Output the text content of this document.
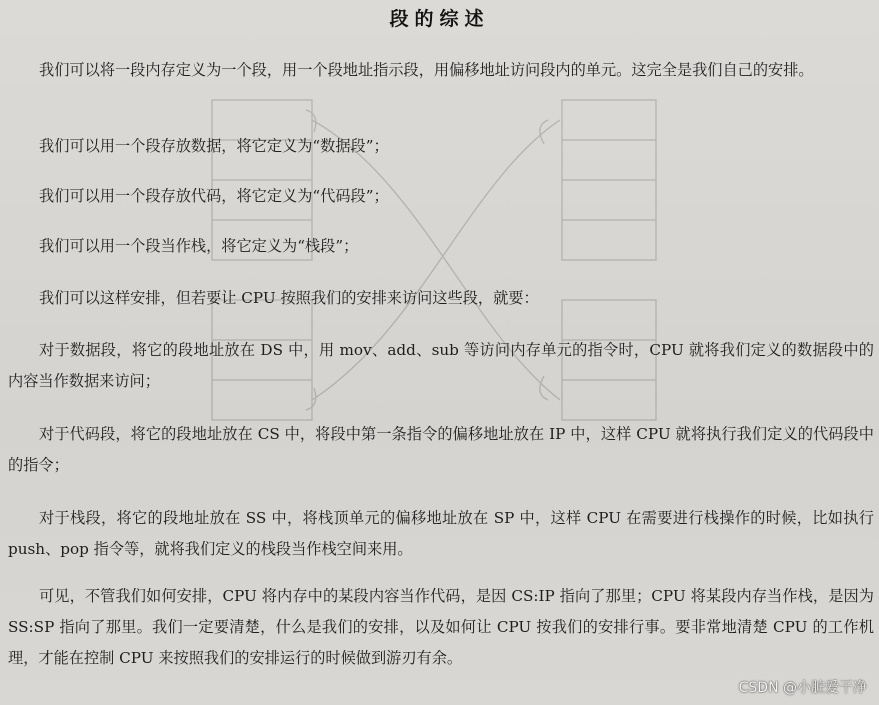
段的综述

我们可以将一段内存定义为一个段，用一个段地址指示段，用偏移地址访问段内的单元。这完全是我们自己的安排。

我们可以用一个段存放数据，将它定义为“数据段”；

我们可以用一个段存放代码，将它定义为“代码段”；

我们可以用一个段当作栈，将它定义为“栈段”；

我们可以这样安排，但若要让 CPU 按照我们的安排来访问这些段，就要：

对于数据段，将它的段地址放在 DS 中，用 mov、add、sub 等访问内存单元的指令时，CPU 就将我们定义的数据段中的内容当作数据来访问；

对于代码段，将它的段地址放在 CS 中，将段中第一条指令的偏移地址放在 IP 中，这样 CPU 就将执行我们定义的代码段中的指令；

对于栈段，将它的段地址放在 SS 中，将栈顶单元的偏移地址放在 SP 中，这样 CPU 在需要进行栈操作的时候，比如执行 push、pop 指令等，就将我们定义的栈段当作栈空间来用。

可见，不管我们如何安排，CPU 将内存中的某段内容当作代码，是因 CS:IP 指向了那里；CPU 将某段内存当作栈，是因为 SS:SP 指向了那里。我们一定要清楚，什么是我们的安排，以及如何让 CPU 按我们的安排行事。要非常地清楚 CPU 的工作机理，才能在控制 CPU 来按照我们的安排运行的时候做到游刃有余。

CSDN @小脏爱干净
